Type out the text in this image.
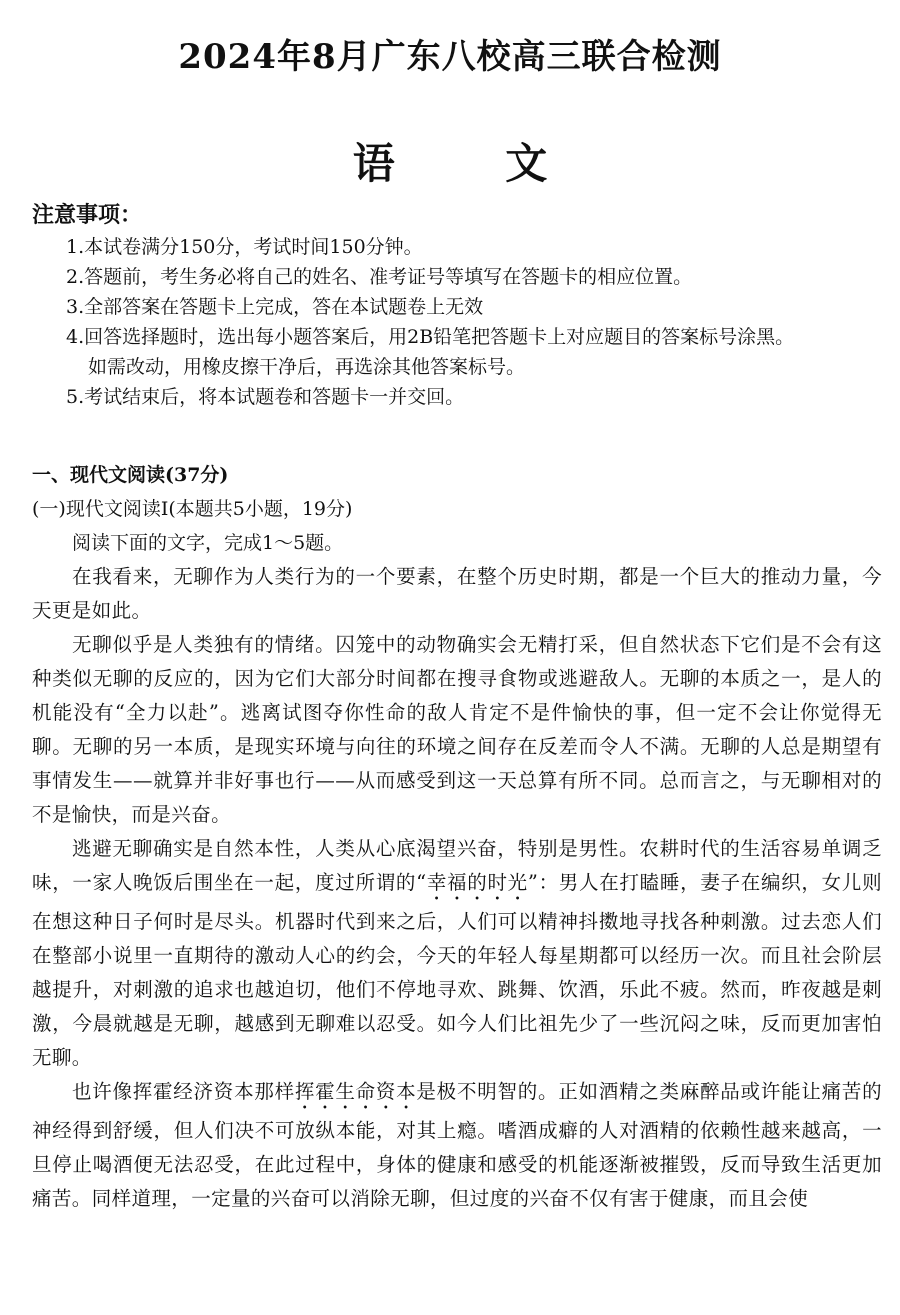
2024年8月广东八校高三联合检测
语 文

注意事项：

1.本试卷满分150分，考试时间150分钟。
2.答题前，考生务必将自己的姓名、准考证号等填写在答题卡的相应位置。
3.全部答案在答题卡上完成，答在本试题卷上无效
4.回答选择题时，选出每小题答案后，用2B铅笔把答题卡上对应题目的答案标号涂黑。
如需改动，用橡皮擦干净后，再选涂其他答案标号。
5.考试结束后，将本试题卷和答题卡一并交回。

一、现代文阅读(37分)

(一)现代文阅读Ⅰ(本题共5小题，19分)

阅读下面的文字，完成1～5题。

在我看来，无聊作为人类行为的一个要素，在整个历史时期，都是一个巨大的推动力量，今天更是如此。

无聊似乎是人类独有的情绪。囚笼中的动物确实会无精打采，但自然状态下它们是不会有这种类似无聊的反应的，因为它们大部分时间都在搜寻食物或逃避敌人。无聊的本质之一，是人的机能没有“全力以赴”。逃离试图夺你性命的敌人肯定不是件愉快的事，但一定不会让你觉得无聊。无聊的另一本质，是现实环境与向往的环境之间存在反差而令人不满。无聊的人总是期望有事情发生——就算并非好事也行——从而感受到这一天总算有所不同。总而言之，与无聊相对的不是愉快，而是兴奋。

逃避无聊确实是自然本性，人类从心底渴望兴奋，特别是男性。农耕时代的生活容易单调乏味，一家人晚饭后围坐在一起，度过所谓的“幸福的时光”：男人在打瞌睡，妻子在编织，女儿则在想这种日子何时是尽头。机器时代到来之后，人们可以精神抖擞地寻找各种刺激。过去恋人们在整部小说里一直期待的激动人心的约会，今天的年轻人每星期都可以经历一次。而且社会阶层越提升，对刺激的追求也越迫切，他们不停地寻欢、跳舞、饮酒，乐此不疲。然而，昨夜越是刺激，今晨就越是无聊，越感到无聊难以忍受。如今人们比祖先少了一些沉闷之味，反而更加害怕无聊。

也许像挥霍经济资本那样挥霍生命资本是极不明智的。正如酒精之类麻醉品或许能让痛苦的神经得到舒缓，但人们决不可放纵本能，对其上瘾。嗜酒成癖的人对酒精的依赖性越来越高，一旦停止喝酒便无法忍受，在此过程中，身体的健康和感受的机能逐渐被摧毁，反而导致生活更加痛苦。同样道理，一定量的兴奋可以消除无聊，但过度的兴奋不仅有害于健康，而且会使
